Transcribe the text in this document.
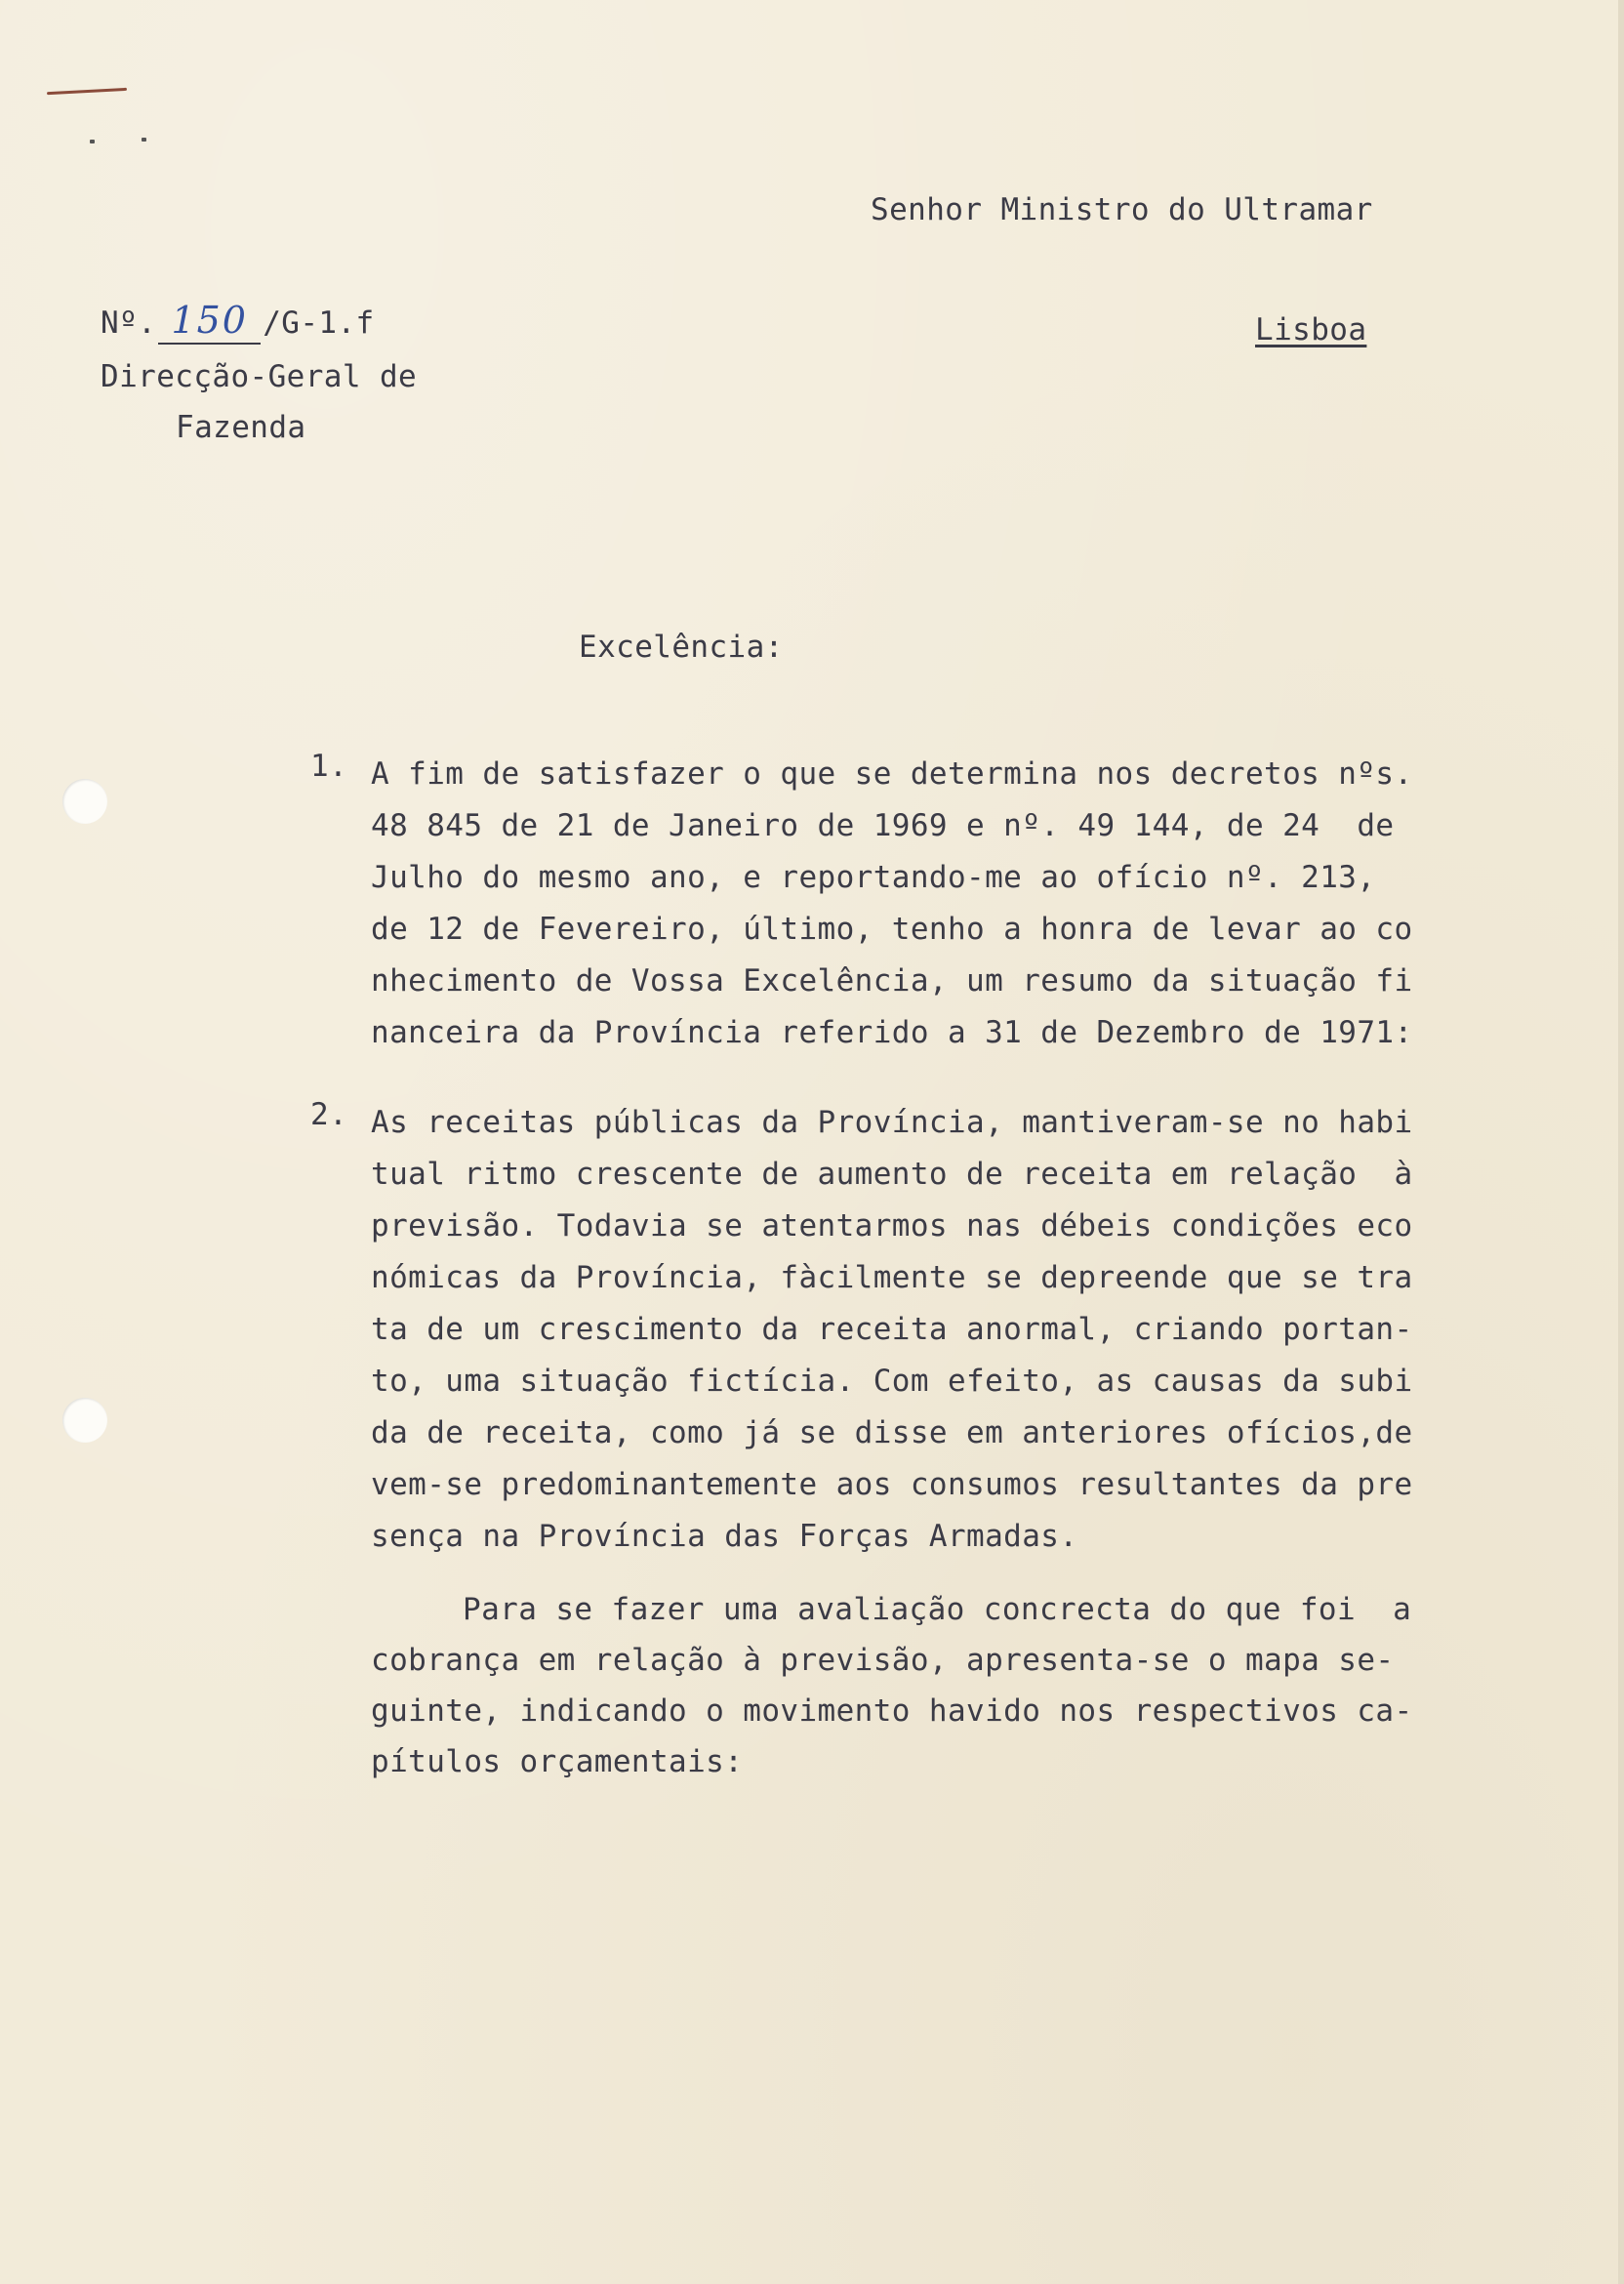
Senhor Ministro do Ultramar
Lisboa
Nº. 150 /G-1.f
Direcção-Geral de
Fazenda
Excelência:
1. A fim de satisfazer o que se determina nos decretos nºs.
48 845 de 21 de Janeiro de 1969 e nº. 49 144, de 24  de
Julho do mesmo ano, e reportando-me ao ofício nº. 213,
de 12 de Fevereiro, último, tenho a honra de levar ao co
nhecimento de Vossa Excelência, um resumo da situação fi
nanceira da Província referido a 31 de Dezembro de 1971:
2. As receitas públicas da Província, mantiveram-se no habi
tual ritmo crescente de aumento de receita em relação  à
previsão. Todavia se atentarmos nas débeis condições eco
nómicas da Província, fàcilmente se depreende que se tra
ta de um crescimento da receita anormal, criando portan-
to, uma situação fictícia. Com efeito, as causas da subi
da de receita, como já se disse em anteriores ofícios,de
vem-se predominantemente aos consumos resultantes da pre
sença na Província das Forças Armadas.
Para se fazer uma avaliação concrecta do que foi  a
cobrança em relação à previsão, apresenta-se o mapa se-
guinte, indicando o movimento havido nos respectivos ca-
pítulos orçamentais:
